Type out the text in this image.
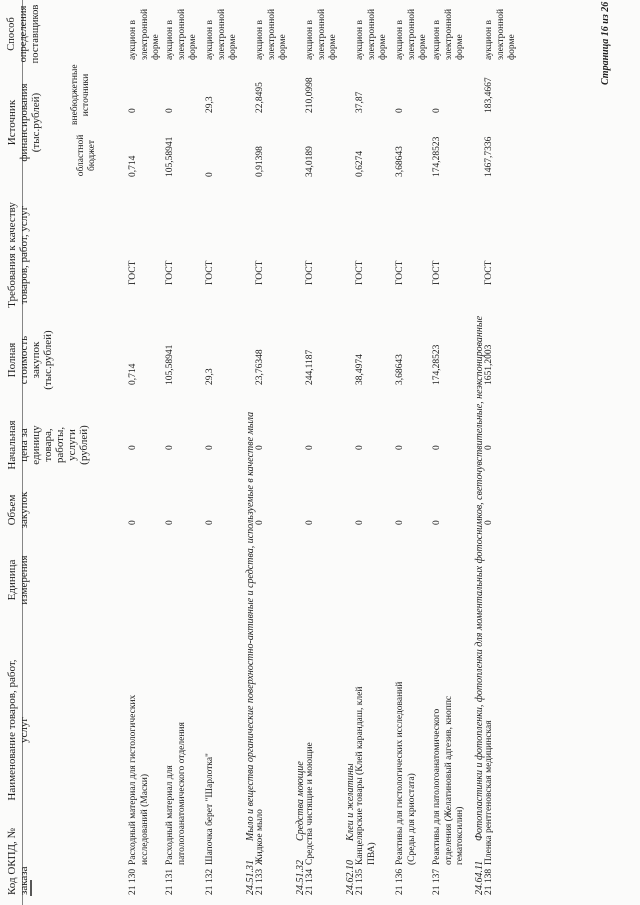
Код ОКПД, № заказа
Наименование товаров, работ, услуг
Единица измерения
Объем закупок
Начальная цена за единицу товара, работы, услуги (рублей)
Полная стоимость закупок (тыс.рублей)
Требования к качеству товаров, работ, услуг
Источник финансирования (тыс.рублей)
областной бюджет
внебюджетные источники
Способ определения поставщиков
21 130
Расходный материал для гистологических исследований (Маски)
0
0
0,714
ГОСТ
0,714
0
аукцион в электронной форме
21 131
Расходный материал для патологоанатомического отделения
0
0
105,58941
ГОСТ
105,58941
0
аукцион в электронной форме
21 132
Шапочка берет "Шарлотка"
0
0
29,3
ГОСТ
0
29,3
аукцион в электронной форме
24.51.31
Мыло и вещества органические поверхностно-активные и средства, используемые в качестве мыла
21 133
Жидкое мыло
0
0
23,76348
ГОСТ
0,91398
22,8495
аукцион в электронной форме
24.51.32
Средства моющие
21 134
Средства чистящие и моющие
0
0
244,1187
ГОСТ
34,0189
210,0998
аукцион в электронной форме
24.62.10
Клеи и желатины
21 135
Канцелярские товары (Клей карандаш, клей ПВА)
0
0
38,4974
ГОСТ
0,6274
37,87
аукцион в электронной форме
21 136
Реактивы для гистологических исследований (Среды для криостата)
0
0
3,68643
ГОСТ
3,68643
0
аукцион в электронной форме
21 137
Реактивы для патологоанатомического отделения (Желатиновый адгезив, кноппс гематоксилин)
0
0
174,28523
ГОСТ
174,28523
0
аукцион в электронной форме
24.64.11
Фотопластинки и фотопленки, фотопленки для моментальных фотоснимков, светочувствительные, неэкспонированные
21 138
Пленка рентгеновская медицинская
0
0
1651,2003
ГОСТ
1467,7336
183,4667
аукцион в электронной форме	Страница 16 из 26
